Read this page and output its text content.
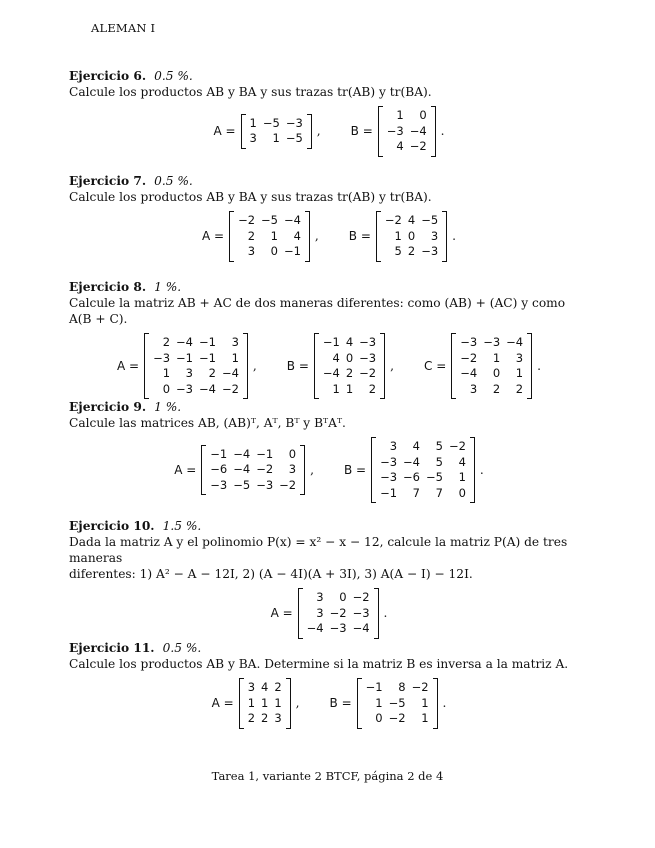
ALEMAN I
Ejercicio 6. 0.5 %.
Calcule los productos AB y BA y sus trazas tr(AB) y tr(BA).
A =
1	−5	−3
3	1	−5 ,	B =
1	0
−3	−4
4	−2
.
Ejercicio 7. 0.5 %.
Calcule los productos AB y BA y sus trazas tr(AB) y tr(BA).
A =
−2	−5	−4
2	1	4
3	0	−1
,	B =
−2	4	−5
1	0	3
5	2	−3
.
Ejercicio 8. 1 %.
Calcule la matriz AB + AC de dos maneras diferentes: como (AB) + (AC) y como A(B + C).
A =
2	−4	−1	3
−3	−1	−1	1
1	3	2	−4
0	−3	−4	−2
,	B =
−1	4	−3
4	0	−3
−4	2	−2
1	1	2
,	C =
−3	−3	−4
−2	1	3
−4	0	1
3	2	2
.
Ejercicio 9. 1 %.
Calcule las matrices AB, (AB)ᵀ, Aᵀ, Bᵀ y BᵀAᵀ.
A =
−1	−4	−1	0
−6	−4	−2	3
−3	−5	−3	−2
,	B =
3	4	5	−2
−3	−4	5	4
−3	−6	−5	1
−1	7	7	0
.
Ejercicio 10. 1.5 %.
Dada la matriz A y el polinomio P(x) = x² − x − 12, calcule la matriz P(A) de tres maneras
diferentes: 1) A² − A − 12I, 2) (A − 4I)(A + 3I), 3) A(A − I) − 12I.
A =
3	0	−2
3	−2	−3
−4	−3	−4
.
Ejercicio 11. 0.5 %.
Calcule los productos AB y BA. Determine si la matriz B es inversa a la matriz A.
A =
3	4	2
1	1	1
2	2	3
,	B =
−1	8	−2
1	−5	1
0	−2	1
.
Tarea 1, variante 2 BTCF, página 2 de 4
